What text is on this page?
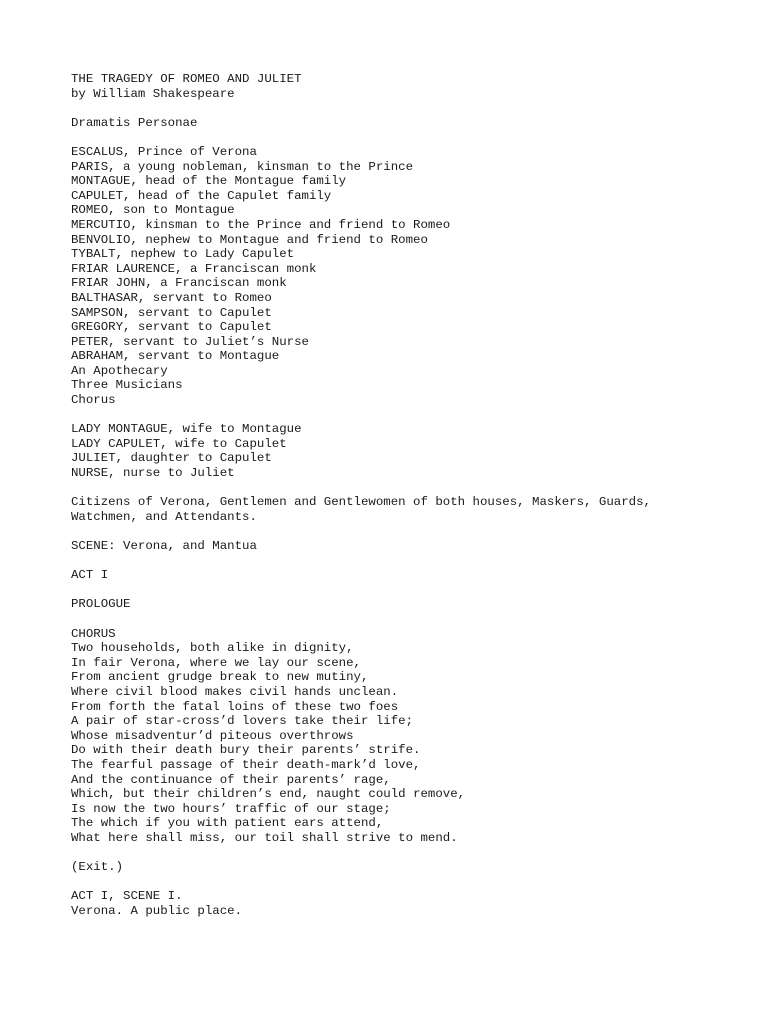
THE TRAGEDY OF ROMEO AND JULIET
by William Shakespeare
Dramatis Personae
ESCALUS, Prince of Verona
PARIS, a young nobleman, kinsman to the Prince
MONTAGUE, head of the Montague family
CAPULET, head of the Capulet family
ROMEO, son to Montague
MERCUTIO, kinsman to the Prince and friend to Romeo
BENVOLIO, nephew to Montague and friend to Romeo
TYBALT, nephew to Lady Capulet
FRIAR LAURENCE, a Franciscan monk
FRIAR JOHN, a Franciscan monk
BALTHASAR, servant to Romeo
SAMPSON, servant to Capulet
GREGORY, servant to Capulet
PETER, servant to Juliet’s Nurse
ABRAHAM, servant to Montague
An Apothecary
Three Musicians
Chorus
LADY MONTAGUE, wife to Montague
LADY CAPULET, wife to Capulet
JULIET, daughter to Capulet
NURSE, nurse to Juliet
Citizens of Verona, Gentlemen and Gentlewomen of both houses, Maskers, Guards,
Watchmen, and Attendants.
SCENE: Verona, and Mantua
ACT I
PROLOGUE
CHORUS
Two households, both alike in dignity,
In fair Verona, where we lay our scene,
From ancient grudge break to new mutiny,
Where civil blood makes civil hands unclean.
From forth the fatal loins of these two foes
A pair of star-cross’d lovers take their life;
Whose misadventur’d piteous overthrows
Do with their death bury their parents’ strife.
The fearful passage of their death-mark’d love,
And the continuance of their parents’ rage,
Which, but their children’s end, naught could remove,
Is now the two hours’ traffic of our stage;
The which if you with patient ears attend,
What here shall miss, our toil shall strive to mend.
(Exit.)
ACT I, SCENE I.
Verona. A public place.
